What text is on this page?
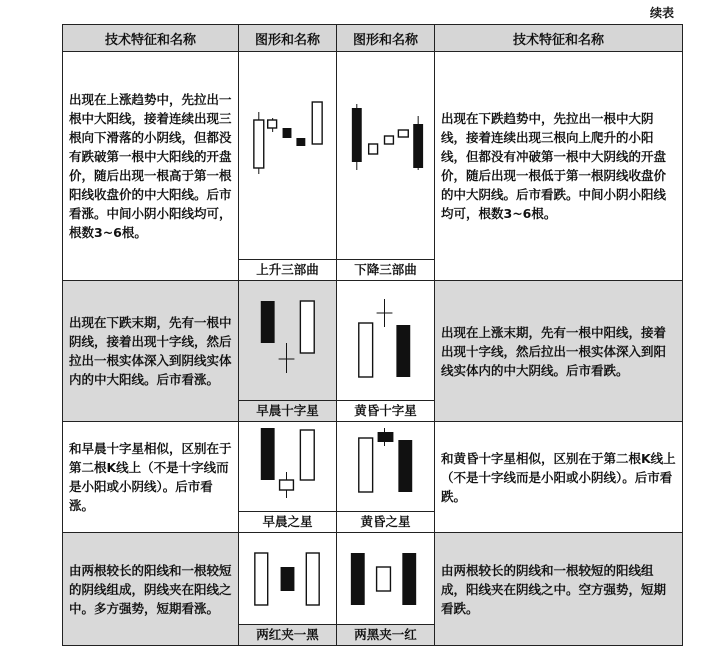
续表
技术特征和名称	图形和名称	图形和名称	技术特征和名称
出现在上涨趋势中，先拉出一根中大阳线，接着连续出现三根向下滑落的小阴线，但都没有跌破第一根中大阳线的开盘价，随后出现一根高于第一根阳线收盘价的中大阳线。后市看涨。中间小阴小阳线均可，根数3~6根。	上升三部曲	下降三部曲	出现在下跌趋势中，先拉出一根中大阴线，接着连续出现三根向上爬升的小阳线，但都没有冲破第一根中大阴线的开盘价，随后出现一根低于第一根阴线收盘价的中大阴线。后市看跌。中间小阴小阳线均可，根数3~6根。
出现在下跌末期，先有一根中阴线，接着出现十字线，然后拉出一根实体深入到阴线实体内的中大阳线。后市看涨。	早晨十字星	黄昏十字星	出现在上涨末期，先有一根中阳线，接着出现十字线，然后拉出一根实体深入到阳线实体内的中大阴线。后市看跌。
和早晨十字星相似，区别在于第二根K线上（不是十字线而是小阳或小阴线）。后市看涨。	早晨之星	黄昏之星	和黄昏十字星相似，区别在于第二根K线上（不是十字线而是小阳或小阴线）。后市看跌。
由两根较长的阳线和一根较短的阴线组成，阴线夹在阳线之中。多方强势，短期看涨。	两红夹一黑	两黑夹一红	由两根较长的阴线和一根较短的阳线组成，阳线夹在阴线之中。空方强势，短期看跌。
